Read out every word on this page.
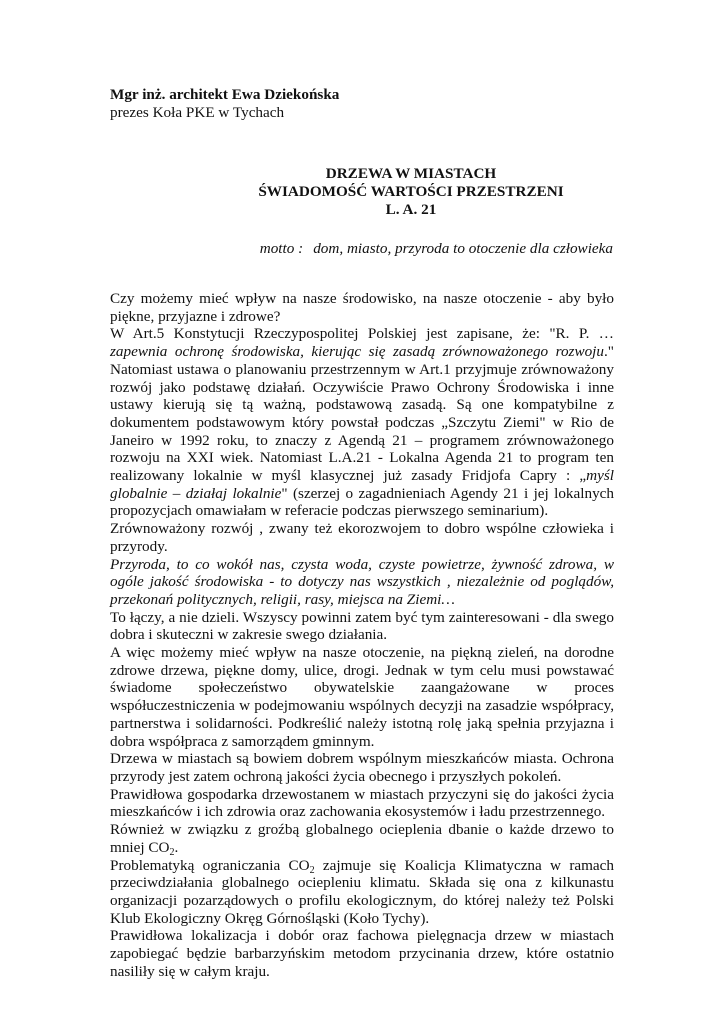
Mgr inż. architekt Ewa Dziekońska
prezes Koła PKE w Tychach
DRZEWA W MIASTACH
ŚWIADOMOŚĆ WARTOŚCI PRZESTRZENI
L. A. 21
motto : dom, miasto, przyroda to otoczenie dla człowieka

Czy możemy mieć wpływ na nasze środowisko, na nasze otoczenie - aby było piękne, przyjazne i zdrowe?

W Art.5 Konstytucji Rzeczypospolitej Polskiej jest zapisane, że: "R. P. …zapewnia ochronę środowiska, kierując się zasadą zrównoważonego rozwoju." Natomiast ustawa o planowaniu przestrzennym w Art.1 przyjmuje zrównoważony rozwój jako podstawę działań. Oczywiście Prawo Ochrony Środowiska i inne ustawy kierują się tą ważną, podstawową zasadą. Są one kompatybilne z dokumentem podstawowym który powstał podczas „Szczytu Ziemi" w Rio de Janeiro w 1992 roku, to znaczy z Agendą 21 – programem zrównoważonego rozwoju na XXI wiek. Natomiast L.A.21 - Lokalna Agenda 21 to program ten realizowany lokalnie w myśl klasycznej już zasady Fridjofa Capry : „myśl globalnie – działaj lokalnie" (szerzej o zagadnieniach Agendy 21 i jej lokalnych propozycjach omawiałam w referacie podczas pierwszego seminarium).

Zrównoważony rozwój , zwany też ekorozwojem to dobro wspólne człowieka i przyrody.

Przyroda, to co wokół nas, czysta woda, czyste powietrze, żywność zdrowa, w ogóle jakość środowiska - to dotyczy nas wszystkich , niezależnie od poglądów, przekonań politycznych, religii, rasy, miejsca na Ziemi…

To łączy, a nie dzieli. Wszyscy powinni zatem być tym zainteresowani - dla swego dobra i skuteczni w zakresie swego działania.

A więc możemy mieć wpływ na nasze otoczenie, na piękną zieleń, na dorodne zdrowe drzewa, piękne domy, ulice, drogi. Jednak w tym celu musi powstawać świadome społeczeństwo obywatelskie zaangażowane w proces współuczestniczenia w podejmowaniu wspólnych decyzji na zasadzie współpracy, partnerstwa i solidarności. Podkreślić należy istotną rolę jaką spełnia przyjazna i dobra współpraca z samorządem gminnym.

Drzewa w miastach są bowiem dobrem wspólnym mieszkańców miasta. Ochrona przyrody jest zatem ochroną jakości życia obecnego i przyszłych pokoleń.

Prawidłowa gospodarka drzewostanem w miastach przyczyni się do jakości życia mieszkańców i ich zdrowia oraz zachowania ekosystemów i ładu przestrzennego.

Również w związku z groźbą globalnego ocieplenia dbanie o każde drzewo to mniej $CO_2$.

Problematyką ograniczania $CO_2$ zajmuje się Koalicja Klimatyczna w ramach przeciwdziałania globalnego ociepleniu klimatu. Składa się ona z kilkunastu organizacji pozarządowych o profilu ekologicznym, do której należy też Polski Klub Ekologiczny Okręg Górnośląski (Koło Tychy).

Prawidłowa lokalizacja i dobór oraz fachowa pielęgnacja drzew w miastach zapobiegać będzie barbarzyńskim metodom przycinania drzew, które ostatnio nasiliły się w całym kraju.
